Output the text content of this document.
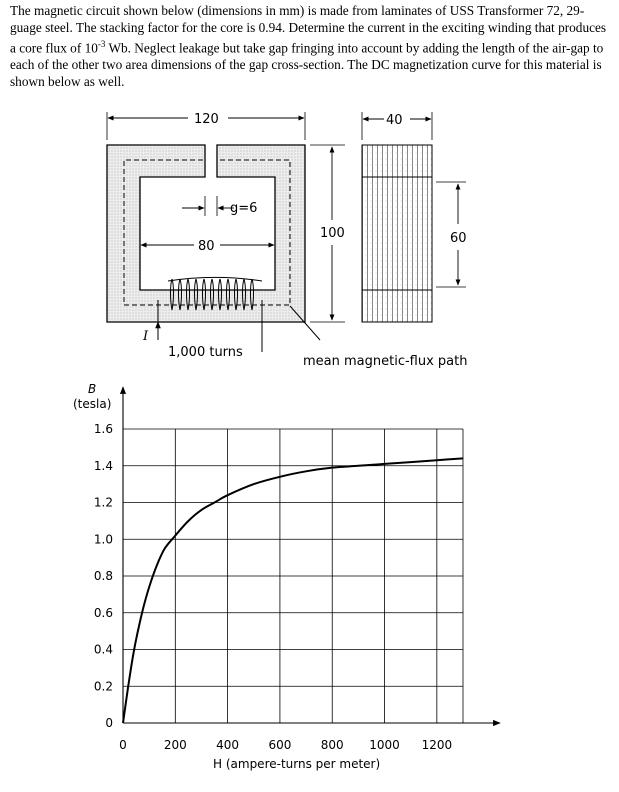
The magnetic circuit shown below (dimensions in mm) is made from laminates of USS Transformer 72, 29-guage steel. The stacking factor for the core is 0.94. Determine the current in the exciting winding that produces a core flux of $10^{-3}$ Wb. Neglect leakage but take gap fringing into account by adding the length of the air-gap to each of the other two area dimensions of the gap cross-section. The DC magnetization curve for this material is shown below as well.

I
1,000 turns
mean magnetic-flux path
120
g=6
80
100
40
60
B
(tesla)
0	200 400 600 800 1000 1200
0
0.2
0.4
0.6
0.8
1.0
1.2
1.4
1.6
H (ampere-turns per meter)
